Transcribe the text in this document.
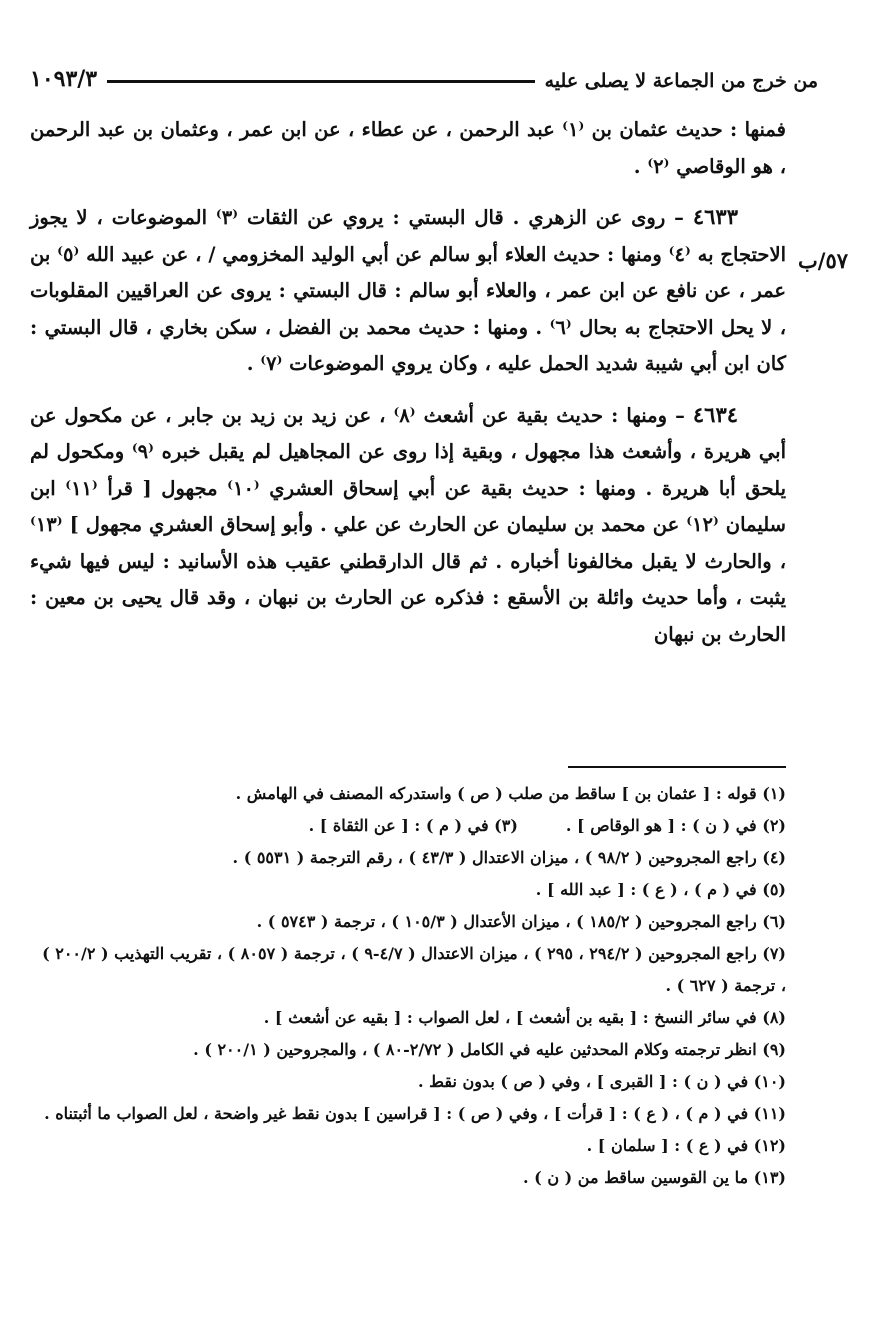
من خرج من الجماعة لا يصلى عليه
١٠٩٣/٣
٥٧/ب

فمنها : حديث عثمان بن ⁽١⁾ عبد الرحمن ، عن عطاء ، عن ابن عمر ، وعثمان بن عبد الرحمن ، هو الوقاصي ⁽٢⁾ .

٤٦٣٣ – روى عن الزهري . قال البستي : يروي عن الثقات ⁽٣⁾ الموضوعات ، لا يجوز الاحتجاج به ⁽٤⁾ ومنها : حديث العلاء أبو سالم عن أبي الوليد المخزومي / ، عن عبيد الله ⁽٥⁾ بن عمر ، عن نافع عن ابن عمر ، والعلاء أبو سالم : قال البستي : يروى عن العراقيين المقلوبات ، لا يحل الاحتجاج به بحال ⁽٦⁾ . ومنها : حديث محمد بن الفضل ، سكن بخاري ، قال البستي : كان ابن أبي شيبة شديد الحمل عليه ، وكان يروي الموضوعات ⁽٧⁾ .

٤٦٣٤ – ومنها : حديث بقية عن أشعث ⁽٨⁾ ، عن زيد بن زيد بن جابر ، عن مكحول عن أبي هريرة ، وأشعث هذا مجهول ، وبقية إذا روى عن المجاهيل لم يقبل خبره ⁽٩⁾ ومكحول لم يلحق أبا هريرة . ومنها : حديث بقية عن أبي إسحاق العشري ⁽١٠⁾ مجهول [ قرأ ⁽١١⁾ ابن سليمان ⁽١٢⁾ عن محمد بن سليمان عن الحارث عن علي . وأبو إسحاق العشري مجهول ] ⁽١٣⁾ ، والحارث لا يقبل مخالفونا أخباره . ثم قال الدارقطني عقيب هذه الأسانيد : ليس فيها شيء يثبت ، وأما حديث وائلة بن الأسقع : فذكره عن الحارث بن نبهان ، وقد قال يحيى بن معين : الحارث بن نبهان

(١) قوله : [ عثمان بن ] ساقط من صلب ( ص ) واستدركه المصنف في الهامش .

(٢) في ( ن ) : [ هو الوقاص ] .

(٣) في ( م ) : [ عن الثقاة ] .

(٤) راجع المجروحين ( ٩٨/٢ ) ، ميزان الاعتدال ( ٤٣/٣ ) ، رقم الترجمة ( ٥٥٣١ ) .

(٥) في ( م ) ، ( ع ) : [ عبد الله ] .

(٦) راجع المجروحين ( ١٨٥/٢ ) ، ميزان الأعتدال ( ١٠٥/٣ ) ، ترجمة ( ٥٧٤٣ ) .

(٧) راجع المجروحين ( ٢٩٤/٢ ، ٢٩٥ ) ، ميزان الاعتدال ( ٤/٧-٩ ) ، ترجمة ( ٨٠٥٧ ) ، تقريب التهذيب ( ٢٠٠/٢ ) ، ترجمة ( ٦٢٧ ) .

(٨) في سائر النسخ : [ بقيه بن أشعث ] ، لعل الصواب : [ بقيه عن أشعث ] .

(٩) انظر ترجمته وكلام المحدثين عليه في الكامل ( ٢/٧٢-٨٠ ) ، والمجروحين ( ٢٠٠/١ ) .

(١٠) في ( ن ) : [ القبرى ] ، وفي ( ص ) بدون نقط .

(١١) في ( م ) ، ( ع ) : [ قرأت ] ، وفي ( ص ) : [ قراسين ] بدون نقط غير واضحة ، لعل الصواب ما أثبتناه .

(١٢) في ( ع ) : [ سلمان ] .

(١٣) ما ين القوسين ساقط من ( ن ) .
